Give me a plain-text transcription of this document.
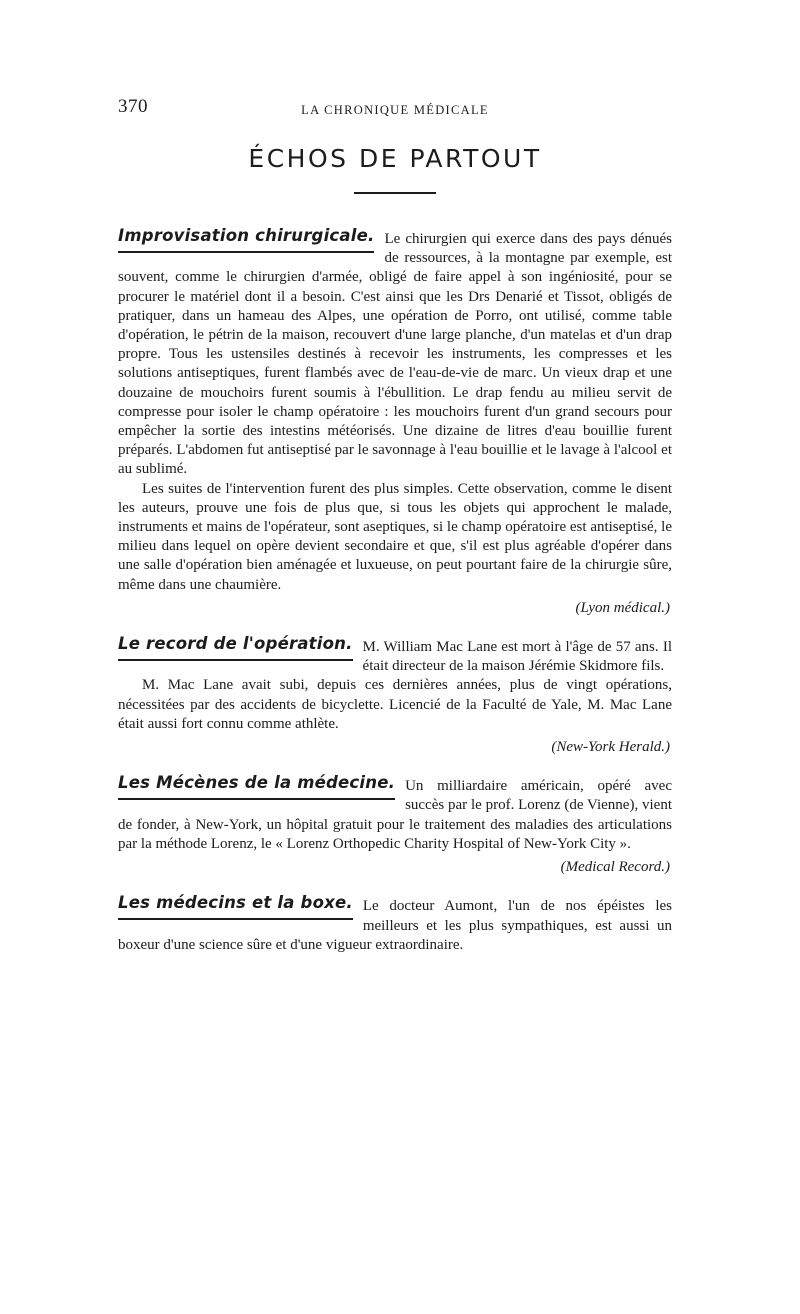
370	LA CHRONIQUE MÉDICALE
ÉCHOS DE PARTOUT
Improvisation chirurgicale. Le chirurgien qui exerce dans des pays dénués de ressources, à la montagne par exemple, est souvent, comme le chirurgien d'armée, obligé de faire appel à son ingéniosité, pour se procurer le matériel dont il a besoin. C'est ainsi que les Drs Denarié et Tissot, obligés de pratiquer, dans un hameau des Alpes, une opération de Porro, ont utilisé, comme table d'opération, le pétrin de la maison, recouvert d'une large planche, d'un matelas et d'un drap propre. Tous les ustensiles destinés à recevoir les instruments, les compresses et les solutions antiseptiques, furent flambés avec de l'eau-de-vie de marc. Un vieux drap et une douzaine de mouchoirs furent soumis à l'ébullition. Le drap fendu au milieu servit de compresse pour isoler le champ opératoire : les mouchoirs furent d'un grand secours pour empêcher la sortie des intestins météorisés. Une dizaine de litres d'eau bouillie furent préparés. L'abdomen fut antiseptisé par le savonnage à l'eau bouillie et le lavage à l'alcool et au sublimé.

Les suites de l'intervention furent des plus simples. Cette observation, comme le disent les auteurs, prouve une fois de plus que, si tous les objets qui approchent le malade, instruments et mains de l'opérateur, sont aseptiques, si le champ opératoire est antiseptisé, le milieu dans lequel on opère devient secondaire et que, s'il est plus agréable d'opérer dans une salle d'opération bien aménagée et luxueuse, on peut pourtant faire de la chirurgie sûre, même dans une chaumière.

(Lyon médical.)
Le record de l'opération. M. William Mac Lane est mort à l'âge de 57 ans. Il était directeur de la maison Jérémie Skidmore fils.

M. Mac Lane avait subi, depuis ces dernières années, plus de vingt opérations, nécessitées par des accidents de bicyclette. Licencié de la Faculté de Yale, M. Mac Lane était aussi fort connu comme athlète.

(New-York Herald.)
Les Mécènes de la médecine. Un milliardaire américain, opéré avec succès par le prof. Lorenz (de Vienne), vient de fonder, à New-York, un hôpital gratuit pour le traitement des maladies des articulations par la méthode Lorenz, le « Lorenz Orthopedic Charity Hospital of New-York City ».

(Medical Record.)
Les médecins et la boxe. Le docteur Aumont, l'un de nos épéistes les meilleurs et les plus sympathiques, est aussi un boxeur d'une science sûre et d'une vigueur extraordinaire.
